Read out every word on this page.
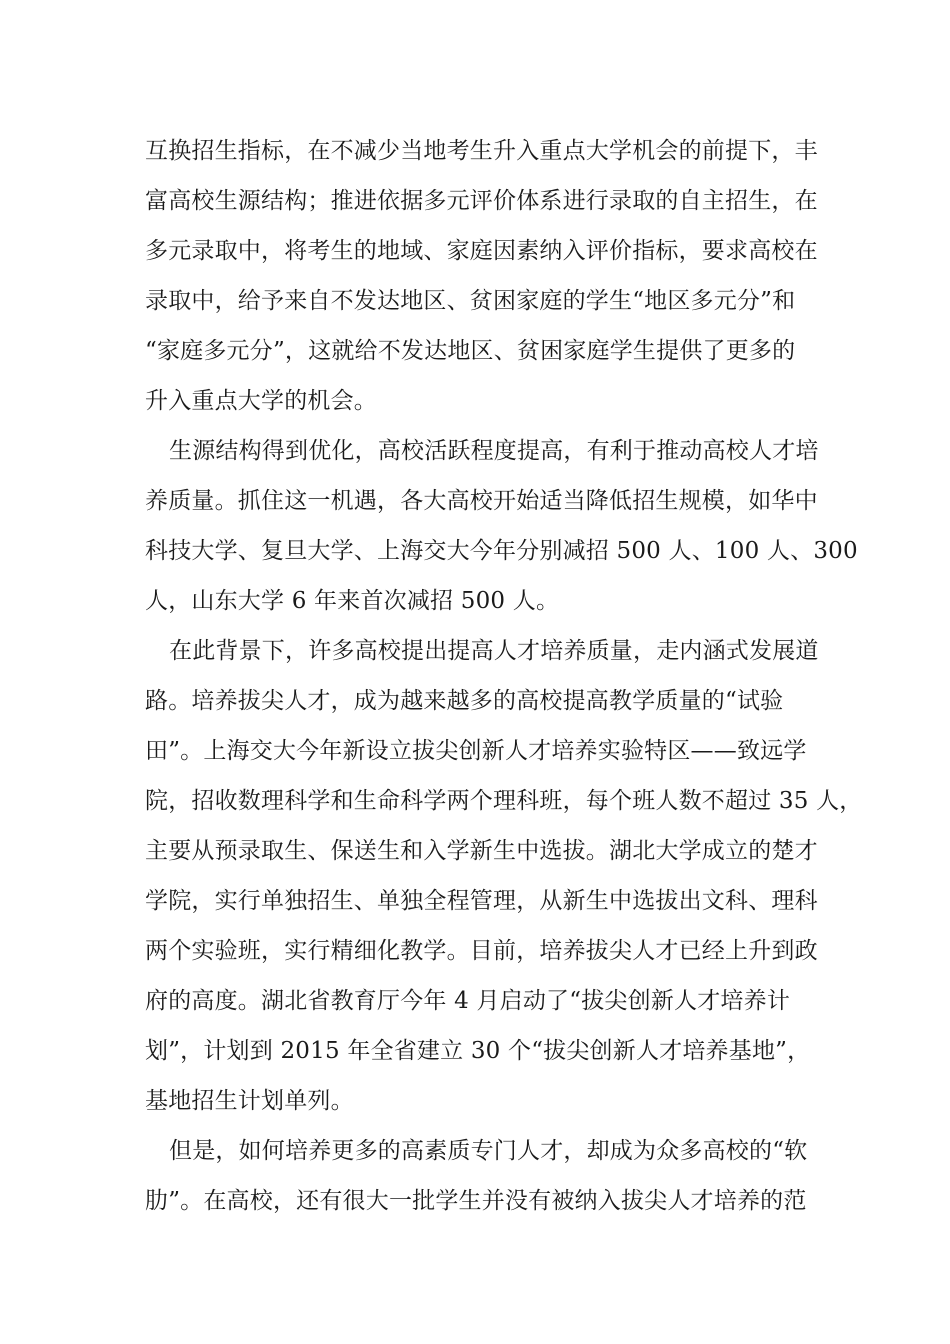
互换招生指标，在不减少当地考生升入重点大学机会的前提下，丰
富高校生源结构；推进依据多元评价体系进行录取的自主招生，在
多元录取中，将考生的地域、家庭因素纳入评价指标，要求高校在
录取中，给予来自不发达地区、贫困家庭的学生“地区多元分”和
“家庭多元分”，这就给不发达地区、贫困家庭学生提供了更多的
升入重点大学的机会。
生源结构得到优化，高校活跃程度提高，有利于推动高校人才培
养质量。抓住这一机遇，各大高校开始适当降低招生规模，如华中
科技大学、复旦大学、上海交大今年分别减招 500 人、100 人、300
人，山东大学 6 年来首次减招 500 人。
在此背景下，许多高校提出提高人才培养质量，走内涵式发展道
路。培养拔尖人才，成为越来越多的高校提高教学质量的“试验
田”。上海交大今年新设立拔尖创新人才培养实验特区——致远学
院，招收数理科学和生命科学两个理科班，每个班人数不超过 35 人，
主要从预录取生、保送生和入学新生中选拔。湖北大学成立的楚才
学院，实行单独招生、单独全程管理，从新生中选拔出文科、理科
两个实验班，实行精细化教学。目前，培养拔尖人才已经上升到政
府的高度。湖北省教育厅今年 4 月启动了“拔尖创新人才培养计
划”，计划到 2015 年全省建立 30 个“拔尖创新人才培养基地”，
基地招生计划单列。
但是，如何培养更多的高素质专门人才，却成为众多高校的“软
肋”。在高校，还有很大一批学生并没有被纳入拔尖人才培养的范
